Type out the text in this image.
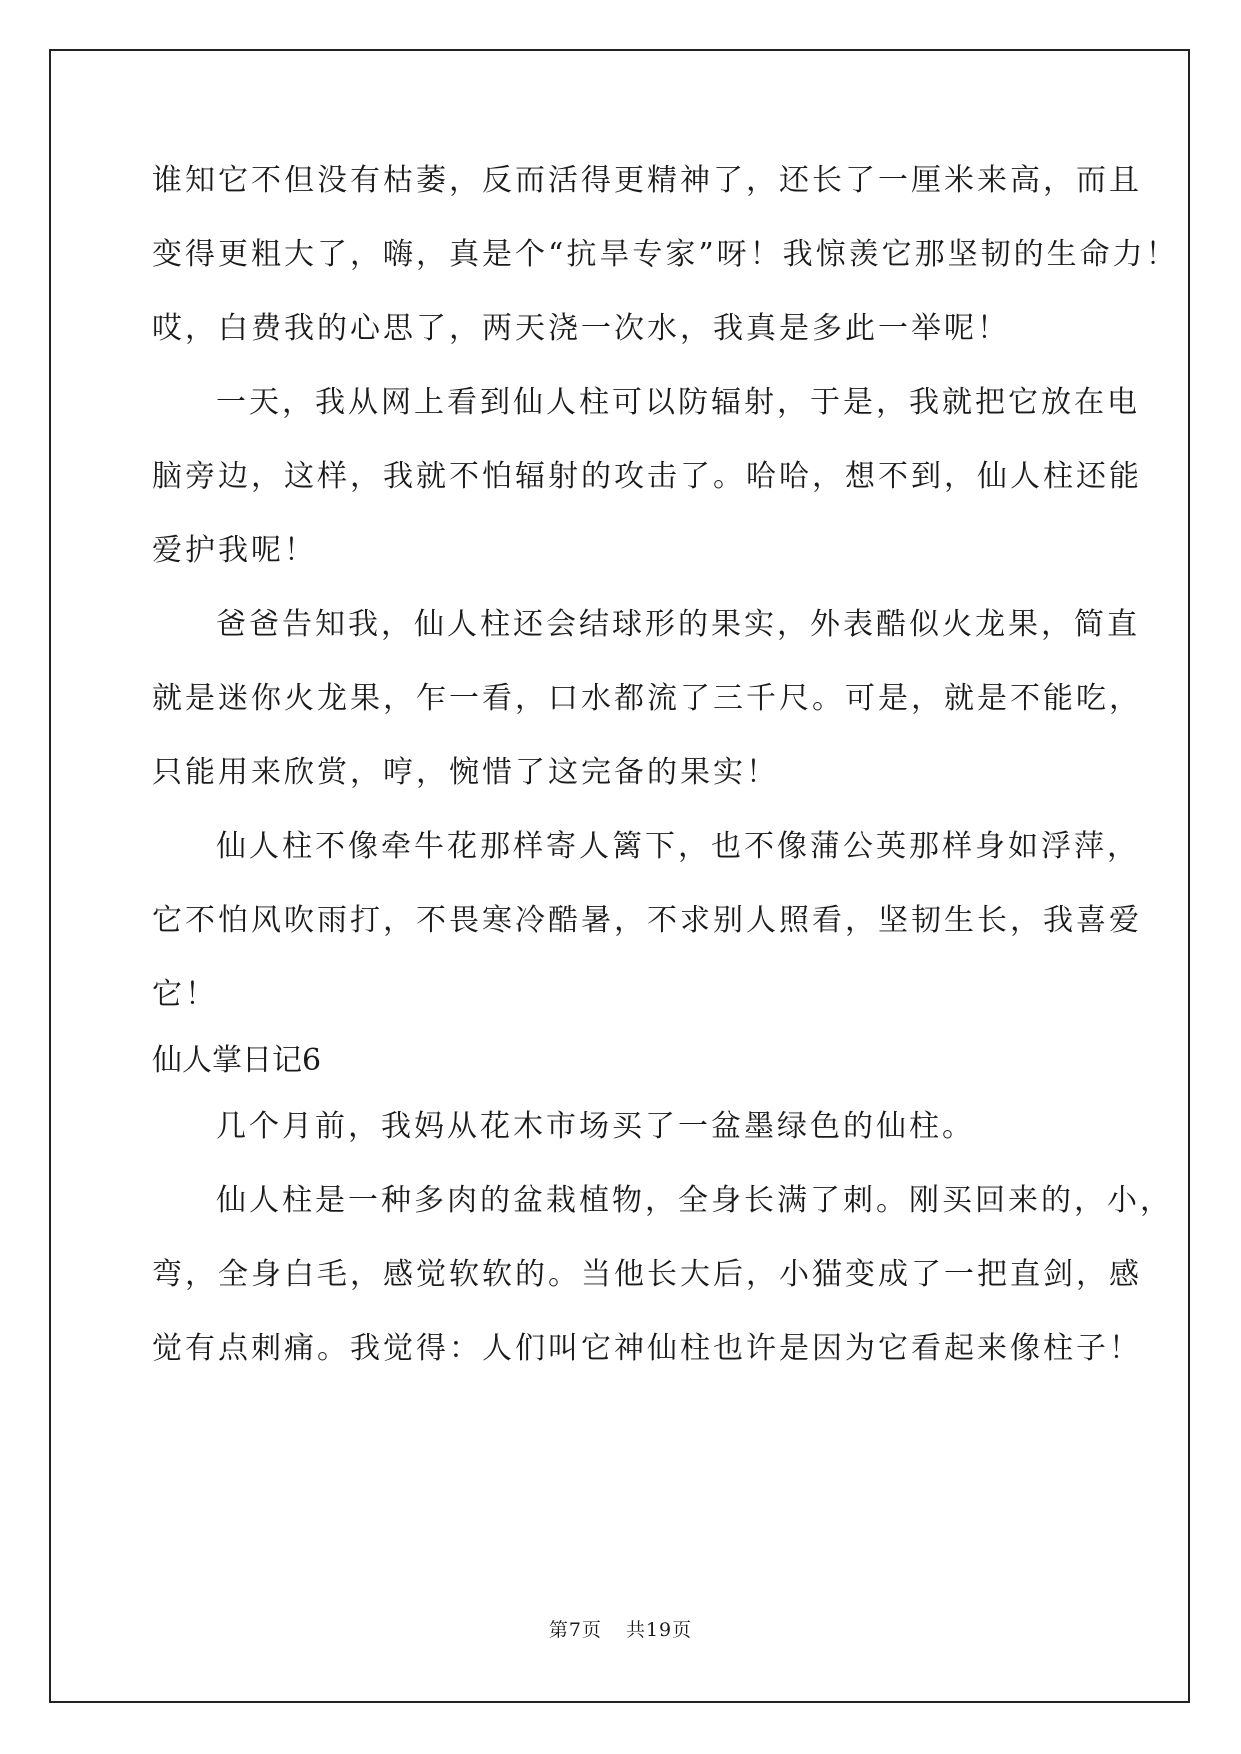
谁知它不但没有枯萎，反而活得更精神了，还长了一厘米来高，而且
变得更粗大了，嗨，真是个“抗旱专家”呀！我惊羡它那坚韧的生命力！
哎，白费我的心思了，两天浇一次水，我真是多此一举呢！
一天，我从网上看到仙人柱可以防辐射，于是，我就把它放在电
脑旁边，这样，我就不怕辐射的攻击了。哈哈，想不到，仙人柱还能
爱护我呢！
爸爸告知我，仙人柱还会结球形的果实，外表酷似火龙果，简直
就是迷你火龙果，乍一看，口水都流了三千尺。可是，就是不能吃，
只能用来欣赏，哼，惋惜了这完备的果实！
仙人柱不像牵牛花那样寄人篱下，也不像蒲公英那样身如浮萍，
它不怕风吹雨打，不畏寒冷酷暑，不求别人照看，坚韧生长，我喜爱
它！
仙人掌日记6
几个月前，我妈从花木市场买了一盆墨绿色的仙柱。
仙人柱是一种多肉的盆栽植物，全身长满了刺。刚买回来的，小，
弯，全身白毛，感觉软软的。当他长大后，小猫变成了一把直剑，感
觉有点刺痛。我觉得：人们叫它神仙柱也许是因为它看起来像柱子！
第7页 共19页
